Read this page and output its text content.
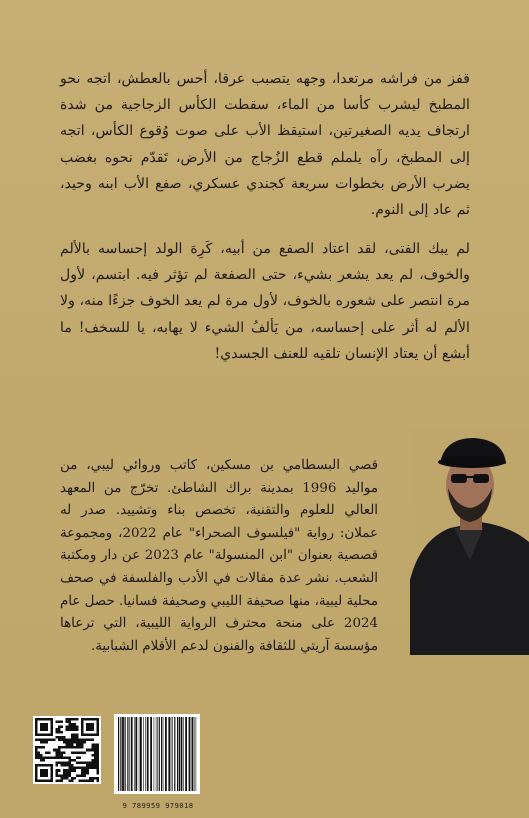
قفز من فراشه مرتعدا، وجهه يتصبب عرقا، أحس بالعطش، اتجه نحو المطبخ ليشرب كأسا من الماء، سقطت الكأس الزجاجية من شدة ارتجاف يديه الصغيرتين، استيقظ الأب على صوت وُقوع الكأس، اتجه إلى المطبخ، رآه يلملم قطع الزُجاج من الأرض، تَقدّم نحوه بغضب يضرب الأرض بخطوات سريعة كجندي عسكري، صفع الأب ابنه وحيد، ثم عاد إلى النوم.

لم يبك الفتى، لقد اعتاد الصفع من أبيه، كَرِهَ الولد إحساسه بالألم والخوف، لم يعد يشعر بشيء، حتى الصفعة لم تؤثر فيه. ابتسم، لأول مرة انتصر على شعوره بالخوف، لأول مرة لم يعد الخوف جزءًا منه، ولا الألم له أثر على إحساسه، من يَألفُ الشيء لا يهابه، يا للسخف! ما أبشع أن يعتاد الإنسان تلقيه للعنف الجسدي!

قصي البسطامي بن مسكين، كاتب وروائي ليبي، من مواليد 1996 بمدينة براك الشاطئ. تخرّج من المعهد العالي للعلوم والتقنية، تخصص بناء وتشييد. صدر له عملان: رواية "فيلسوف الصحراء" عام 2022، ومجموعة قصصية بعنوان "ابن المنسولة" عام 2023 عن دار ومكتبة الشعب. نشر عدة مقالات في الأدب والفلسفة في صحف محلية ليبية، منها صحيفة الليبي وصحيفة فسانيا. حصل عام 2024 على منحة محترف الرواية الليبية، التي ترعاها مؤسسة آريتي للثقافة والفنون لدعم الأقلام الشبابية.

9 789959 979018
